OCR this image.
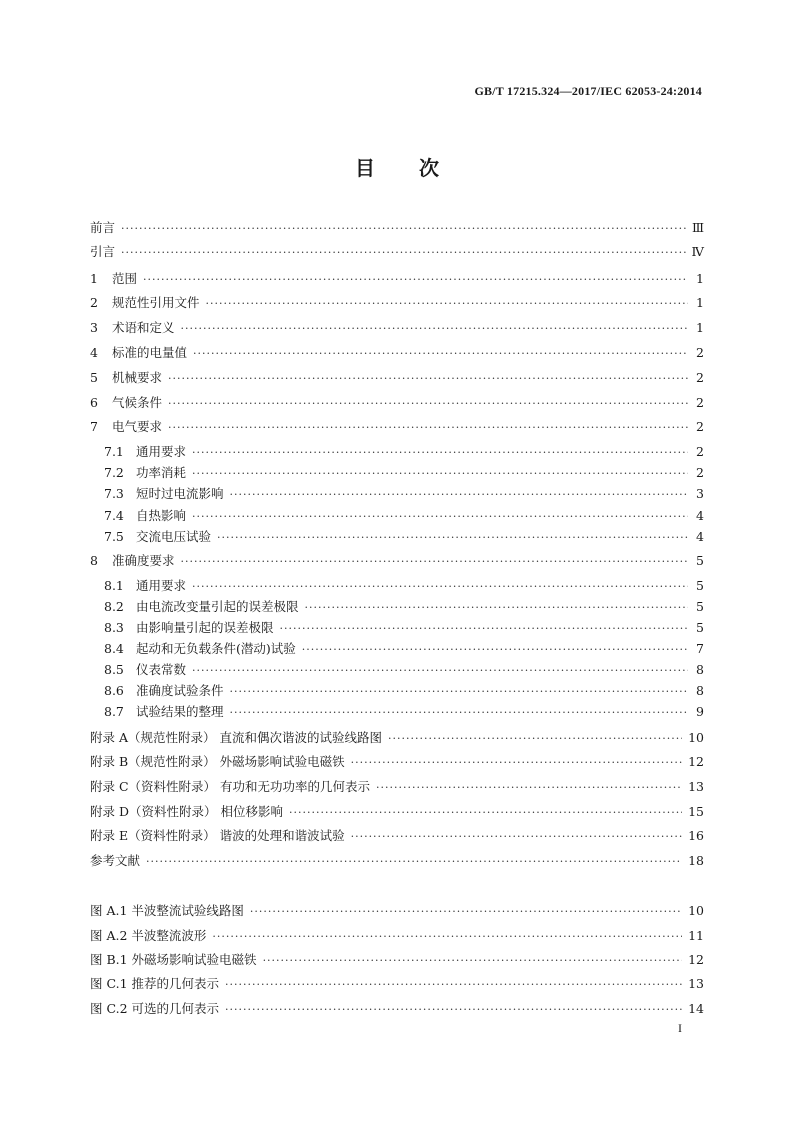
GB/T 17215.324—2017/IEC 62053-24:2014
目次
前言 ·····	Ⅲ
引言 ·····	Ⅳ
1	范围 ·····	1
2	规范性引用文件 ·····	1
3	术语和定义 ·····	1
4	标准的电量值 ·····	2
5	机械要求 ·····	2
6	气候条件 ·····	2
7	电气要求 ·····	2
7.1 通用要求 ·····	2
7.2 功率消耗 ·····	2
7.3 短时过电流影响 ·····	3
7.4 自热影响 ·····	4
7.5 交流电压试验 ·····	4
8	准确度要求 ·····	5
8.1 通用要求 ·····	5
8.2 由电流改变量引起的误差极限 ·····	5
8.3 由影响量引起的误差极限 ·····	5
8.4 起动和无负载条件(潜动)试验 ·····	7
8.5 仪表常数 ·····	8
8.6 准确度试验条件 ·····	8
8.7 试验结果的整理 ·····	9
附录 A（规范性附录） 直流和偶次谐波的试验线路图 ·····	10
附录 B（规范性附录） 外磁场影响试验电磁铁 ·····	12
附录 C（资料性附录） 有功和无功功率的几何表示 ·····	13
附录 D（资料性附录） 相位移影响 ·····	15
附录 E（资料性附录） 谐波的处理和谐波试验 ·····	16
参考文献 ·····	18
图 A.1 半波整流试验线路图 ·····	10
图 A.2 半波整流波形 ·····	11
图 B.1 外磁场影响试验电磁铁 ·····	12
图 C.1 推荐的几何表示 ·····	13
图 C.2 可选的几何表示 ·····	14
I
